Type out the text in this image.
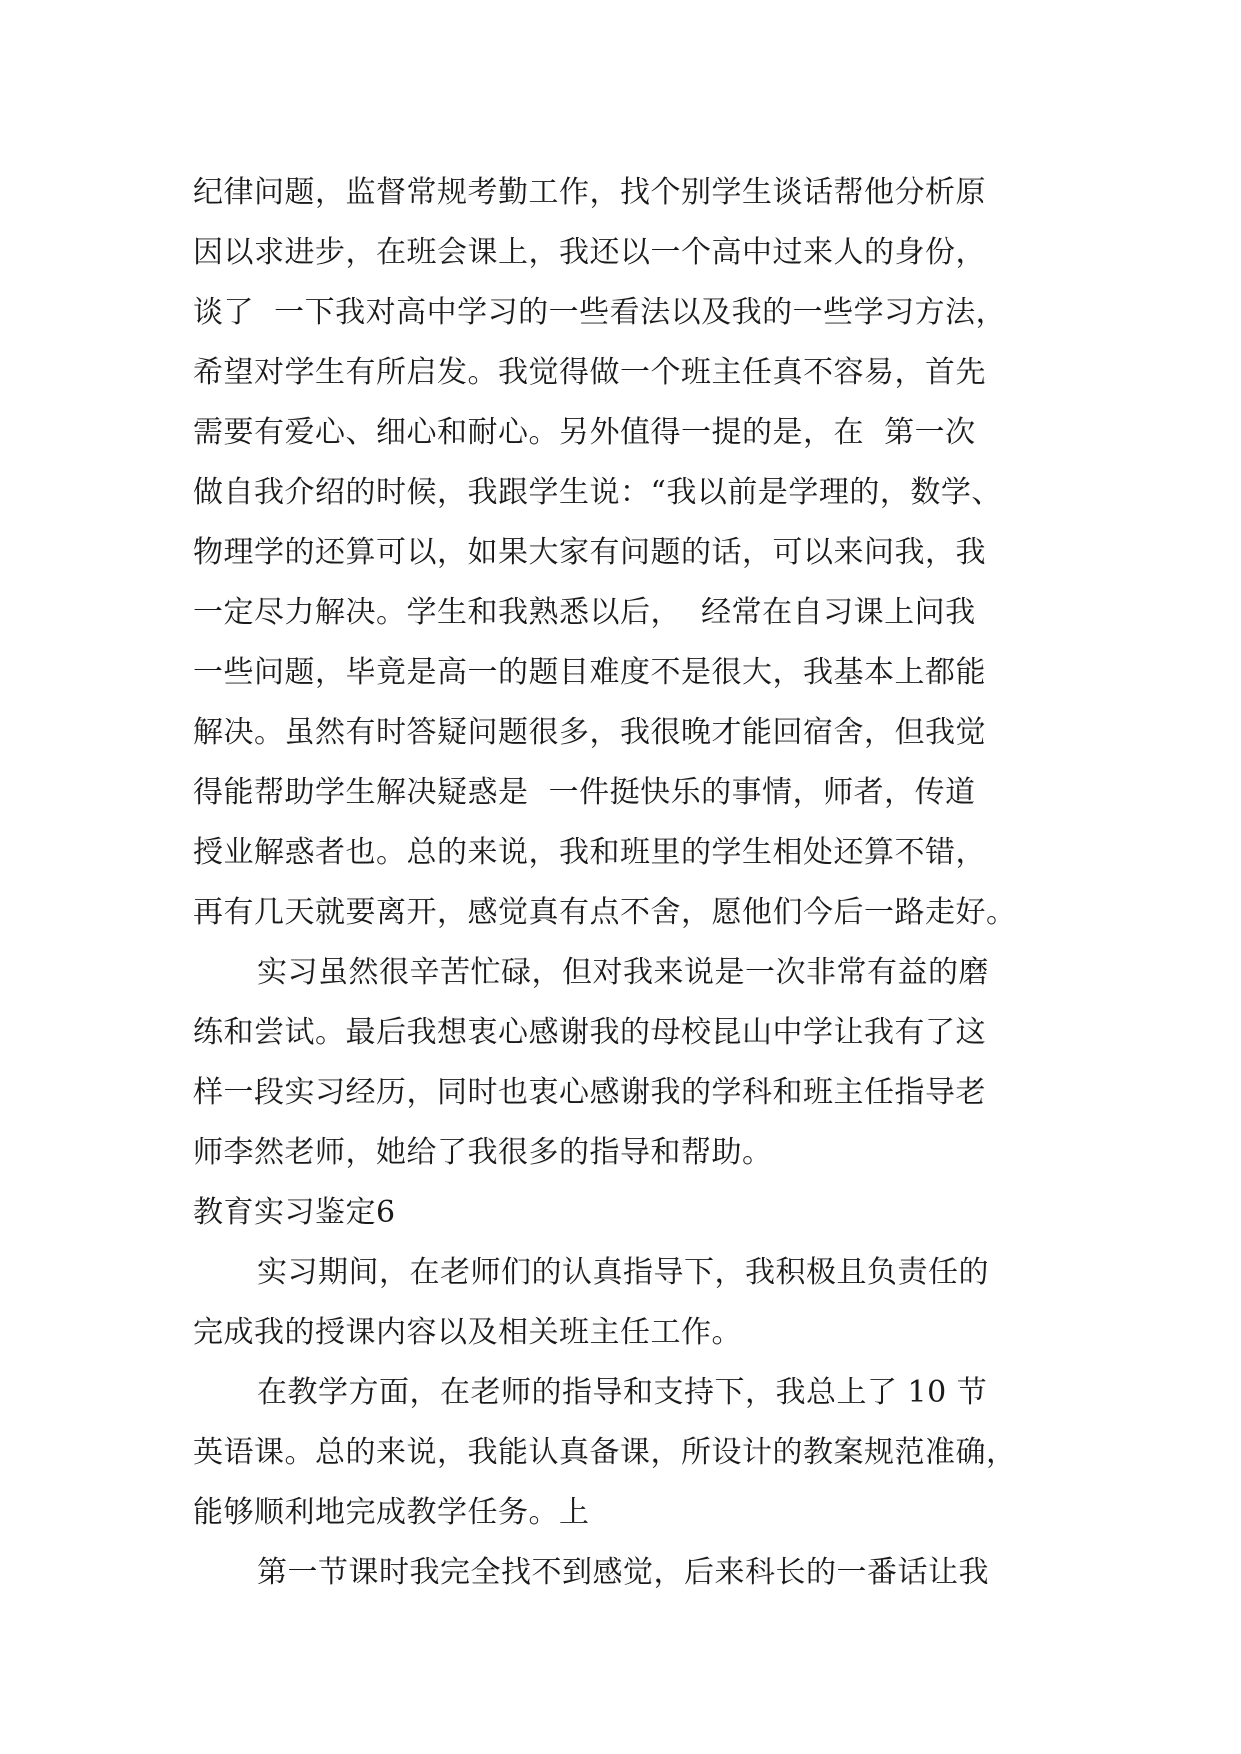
纪律问题，监督常规考勤工作，找个别学生谈话帮他分析原
因以求进步，在班会课上，我还以一个高中过来人的身份，
谈了  一下我对高中学习的一些看法以及我的一些学习方法，
希望对学生有所启发。我觉得做一个班主任真不容易，首先
需要有爱心、细心和耐心。另外值得一提的是，在  第一次
做自我介绍的时候，我跟学生说：“我以前是学理的，数学、
物理学的还算可以，如果大家有问题的话，可以来问我，我
一定尽力解决。学生和我熟悉以后，  经常在自习课上问我
一些问题，毕竟是高一的题目难度不是很大，我基本上都能
解决。虽然有时答疑问题很多，我很晚才能回宿舍，但我觉
得能帮助学生解决疑惑是  一件挺快乐的事情，师者，传道
授业解惑者也。总的来说，我和班里的学生相处还算不错，
再有几天就要离开，感觉真有点不舍，愿他们今后一路走好。
实习虽然很辛苦忙碌，但对我来说是一次非常有益的磨
练和尝试。最后我想衷心感谢我的母校昆山中学让我有了这
样一段实习经历，同时也衷心感谢我的学科和班主任指导老
师李然老师，她给了我很多的指导和帮助。
教育实习鉴定6
实习期间，在老师们的认真指导下，我积极且负责任的
完成我的授课内容以及相关班主任工作。
在教学方面，在老师的指导和支持下，我总上了 10 节
英语课。总的来说，我能认真备课，所设计的教案规范准确，
能够顺利地完成教学任务。上
第一节课时我完全找不到感觉，后来科长的一番话让我
